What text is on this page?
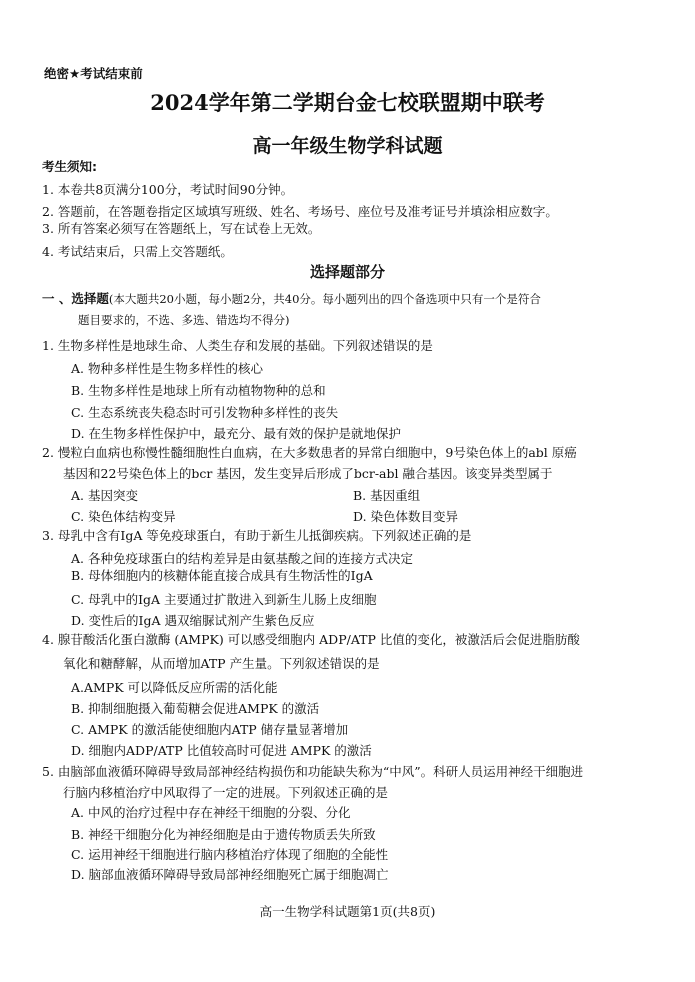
绝密★考试结束前
2024学年第二学期台金七校联盟期中联考
高一年级生物学科试题
考生须知:
1. 本卷共8页满分100分，考试时间90分钟。
2. 答题前，在答题卷指定区域填写班级、姓名、考场号、座位号及准考证号并填涂相应数字。
3. 所有答案必须写在答题纸上，写在试卷上无效。
4. 考试结束后，只需上交答题纸。
选择题部分
一 、选择题(本大题共20小题，每小题2分，共40分。每小题列出的四个备选项中只有一个是符合
题目要求的，不选、多选、错选均不得分)
1. 生物多样性是地球生命、人类生存和发展的基础。下列叙述错误的是
A. 物种多样性是生物多样性的核心
B. 生物多样性是地球上所有动植物物种的总和
C. 生态系统丧失稳态时可引发物种多样性的丧失
D. 在生物多样性保护中，最充分、最有效的保护是就地保护
2. 慢粒白血病也称慢性髓细胞性白血病，在大多数患者的异常白细胞中，9号染色体上的abl 原癌
基因和22号染色体上的bcr 基因，发生变异后形成了bcr-abl 融合基因。该变异类型属于
A. 基因突变	B. 基因重组
C. 染色体结构变异	D. 染色体数目变异
3. 母乳中含有IgA 等免疫球蛋白，有助于新生儿抵御疾病。下列叙述正确的是
A. 各种免疫球蛋白的结构差异是由氨基酸之间的连接方式决定
B. 母体细胞内的核糖体能直接合成具有生物活性的IgA
C. 母乳中的IgA 主要通过扩散进入到新生儿肠上皮细胞
D. 变性后的IgA 遇双缩脲试剂产生紫色反应
4. 腺苷酸活化蛋白激酶 (AMPK) 可以感受细胞内 ADP/ATP 比值的变化，被激活后会促进脂肪酸
氧化和糖酵解，从而增加ATP 产生量。下列叙述错误的是
A.AMPK 可以降低反应所需的活化能
B. 抑制细胞摄入葡萄糖会促进AMPK 的激活
C. AMPK 的激活能使细胞内ATP 储存量显著增加
D. 细胞内ADP/ATP 比值较高时可促进 AMPK 的激活
5. 由脑部血液循环障碍导致局部神经结构损伤和功能缺失称为“中风”。科研人员运用神经干细胞进
行脑内移植治疗中风取得了一定的进展。下列叙述正确的是
A. 中风的治疗过程中存在神经干细胞的分裂、分化
B. 神经干细胞分化为神经细胞是由于遗传物质丢失所致
C. 运用神经干细胞进行脑内移植治疗体现了细胞的全能性
D. 脑部血液循环障碍导致局部神经细胞死亡属于细胞凋亡
高一生物学科试题第1页(共8页)
